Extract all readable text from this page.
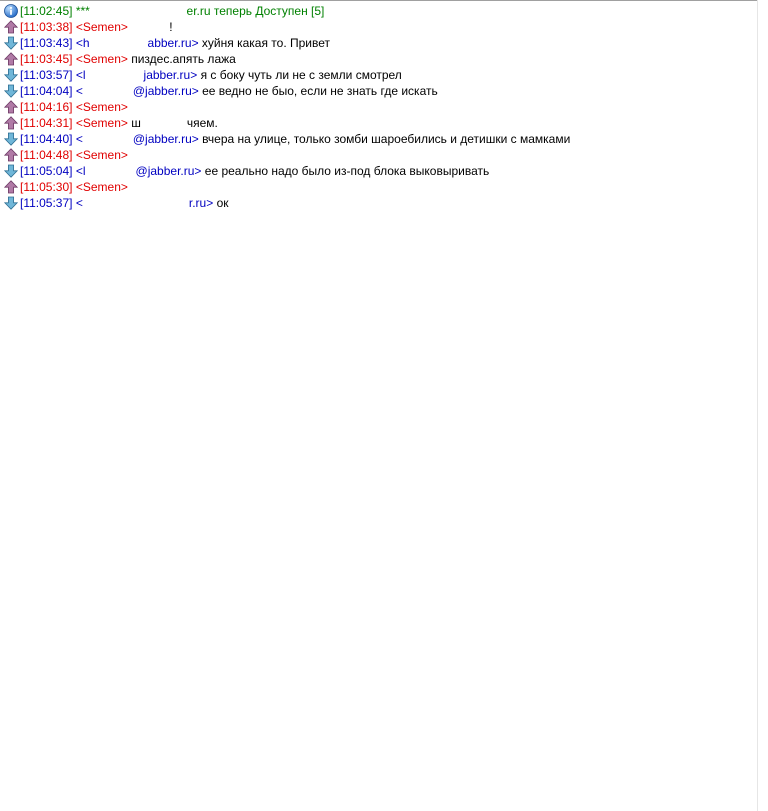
[11:02:45] ***	er.ru теперь Доступен [5]
[11:03:38] <Semen>	!
[11:03:43] <h	abber.ru> хуйня какая то. Привет
[11:03:45] <Semen> пиздес.апять лажа
[11:03:57] <l	jabber.ru> я с боку чуть ли не с земли смотрел
[11:04:04] <	@jabber.ru> ее ведно не быо, если не знать где искать
[11:04:16] <Semen>
[11:04:31] <Semen> ш	чяем.
[11:04:40] <	@jabber.ru> вчера на улице, только зомби шароебились и детишки с мамками
[11:04:48] <Semen>
[11:05:04] <l	@jabber.ru> ее реально надо было из-под блока выковыривать
[11:05:30] <Semen>
[11:05:37] <	r.ru> ок
